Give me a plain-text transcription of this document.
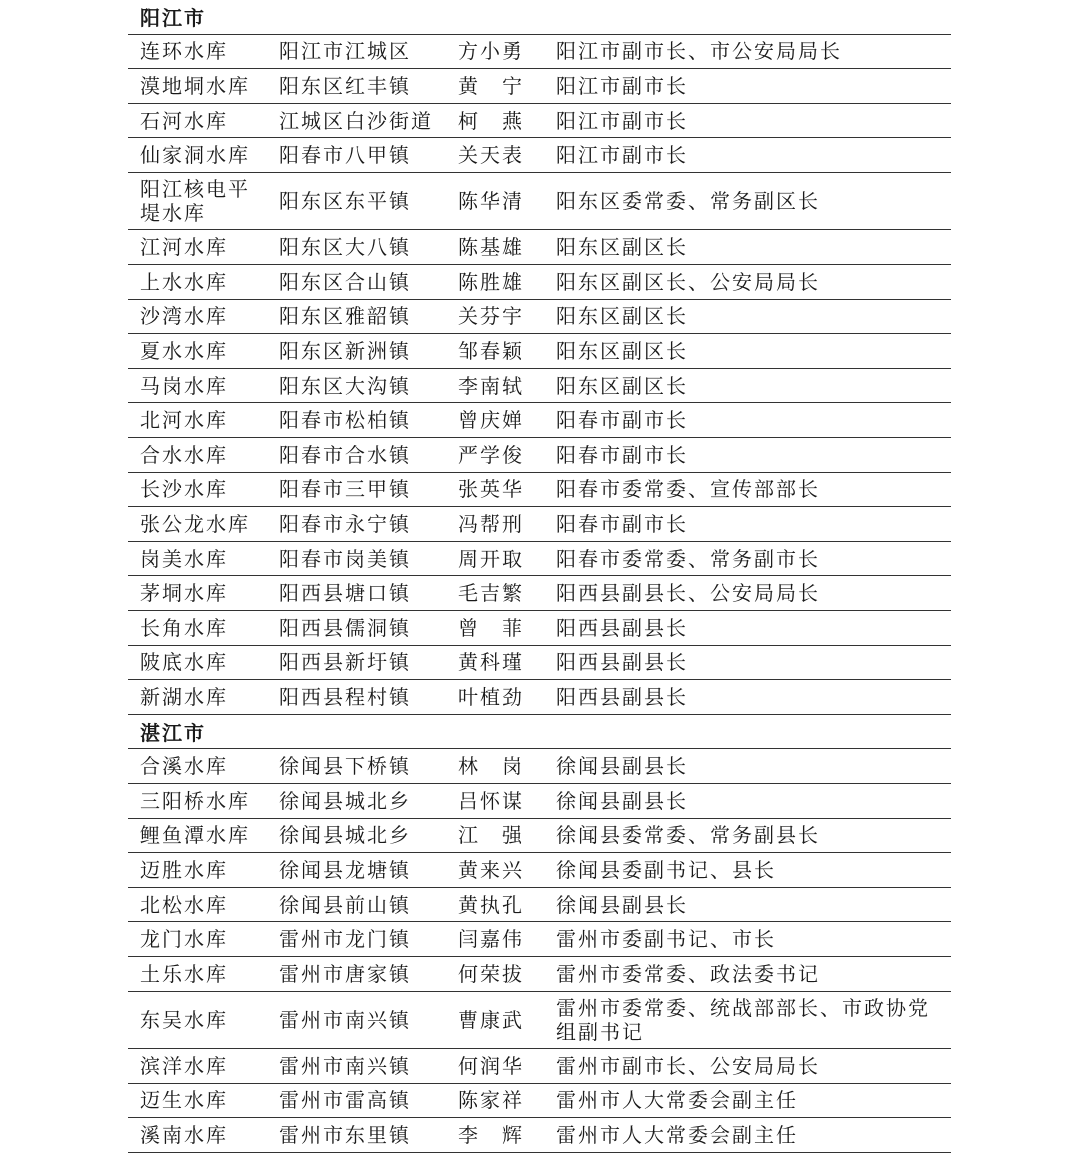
阳江市
连环水库	阳江市江城区	方小勇	阳江市副市长、市公安局局长
漠地垌水库	阳东区红丰镇	黄　宁	阳江市副市长
石河水库	江城区白沙街道	柯　燕	阳江市副市长
仙家洞水库	阳春市八甲镇	关天表	阳江市副市长
阳江核电平堤水库	阳东区东平镇	陈华清	阳东区委常委、常务副区长
江河水库	阳东区大八镇	陈基雄	阳东区副区长
上水水库	阳东区合山镇	陈胜雄	阳东区副区长、公安局局长
沙湾水库	阳东区雅韶镇	关芬宇	阳东区副区长
夏水水库	阳东区新洲镇	邹春颖	阳东区副区长
马岗水库	阳东区大沟镇	李南轼	阳东区副区长
北河水库	阳春市松柏镇	曾庆婵	阳春市副市长
合水水库	阳春市合水镇	严学俊	阳春市副市长
长沙水库	阳春市三甲镇	张英华	阳春市委常委、宣传部部长
张公龙水库	阳春市永宁镇	冯帮刑	阳春市副市长
岗美水库	阳春市岗美镇	周开取	阳春市委常委、常务副市长
茅垌水库	阳西县塘口镇	毛吉繁	阳西县副县长、公安局局长
长角水库	阳西县儒洞镇	曾　菲	阳西县副县长
陂底水库	阳西县新圩镇	黄科瑾	阳西县副县长
新湖水库	阳西县程村镇	叶植劲	阳西县副县长
湛江市
合溪水库	徐闻县下桥镇	林　岗	徐闻县副县长
三阳桥水库	徐闻县城北乡	吕怀谋	徐闻县副县长
鲤鱼潭水库	徐闻县城北乡	江　强	徐闻县委常委、常务副县长
迈胜水库	徐闻县龙塘镇	黄来兴	徐闻县委副书记、县长
北松水库	徐闻县前山镇	黄执孔	徐闻县副县长
龙门水库	雷州市龙门镇	闫嘉伟	雷州市委副书记、市长
土乐水库	雷州市唐家镇	何荣拔	雷州市委常委、政法委书记
东吴水库	雷州市南兴镇	曹康武	雷州市委常委、统战部部长、市政协党组副书记
滨洋水库	雷州市南兴镇	何润华	雷州市副市长、公安局局长
迈生水库	雷州市雷高镇	陈家祥	雷州市人大常委会副主任
溪南水库	雷州市东里镇	李　辉	雷州市人大常委会副主任
